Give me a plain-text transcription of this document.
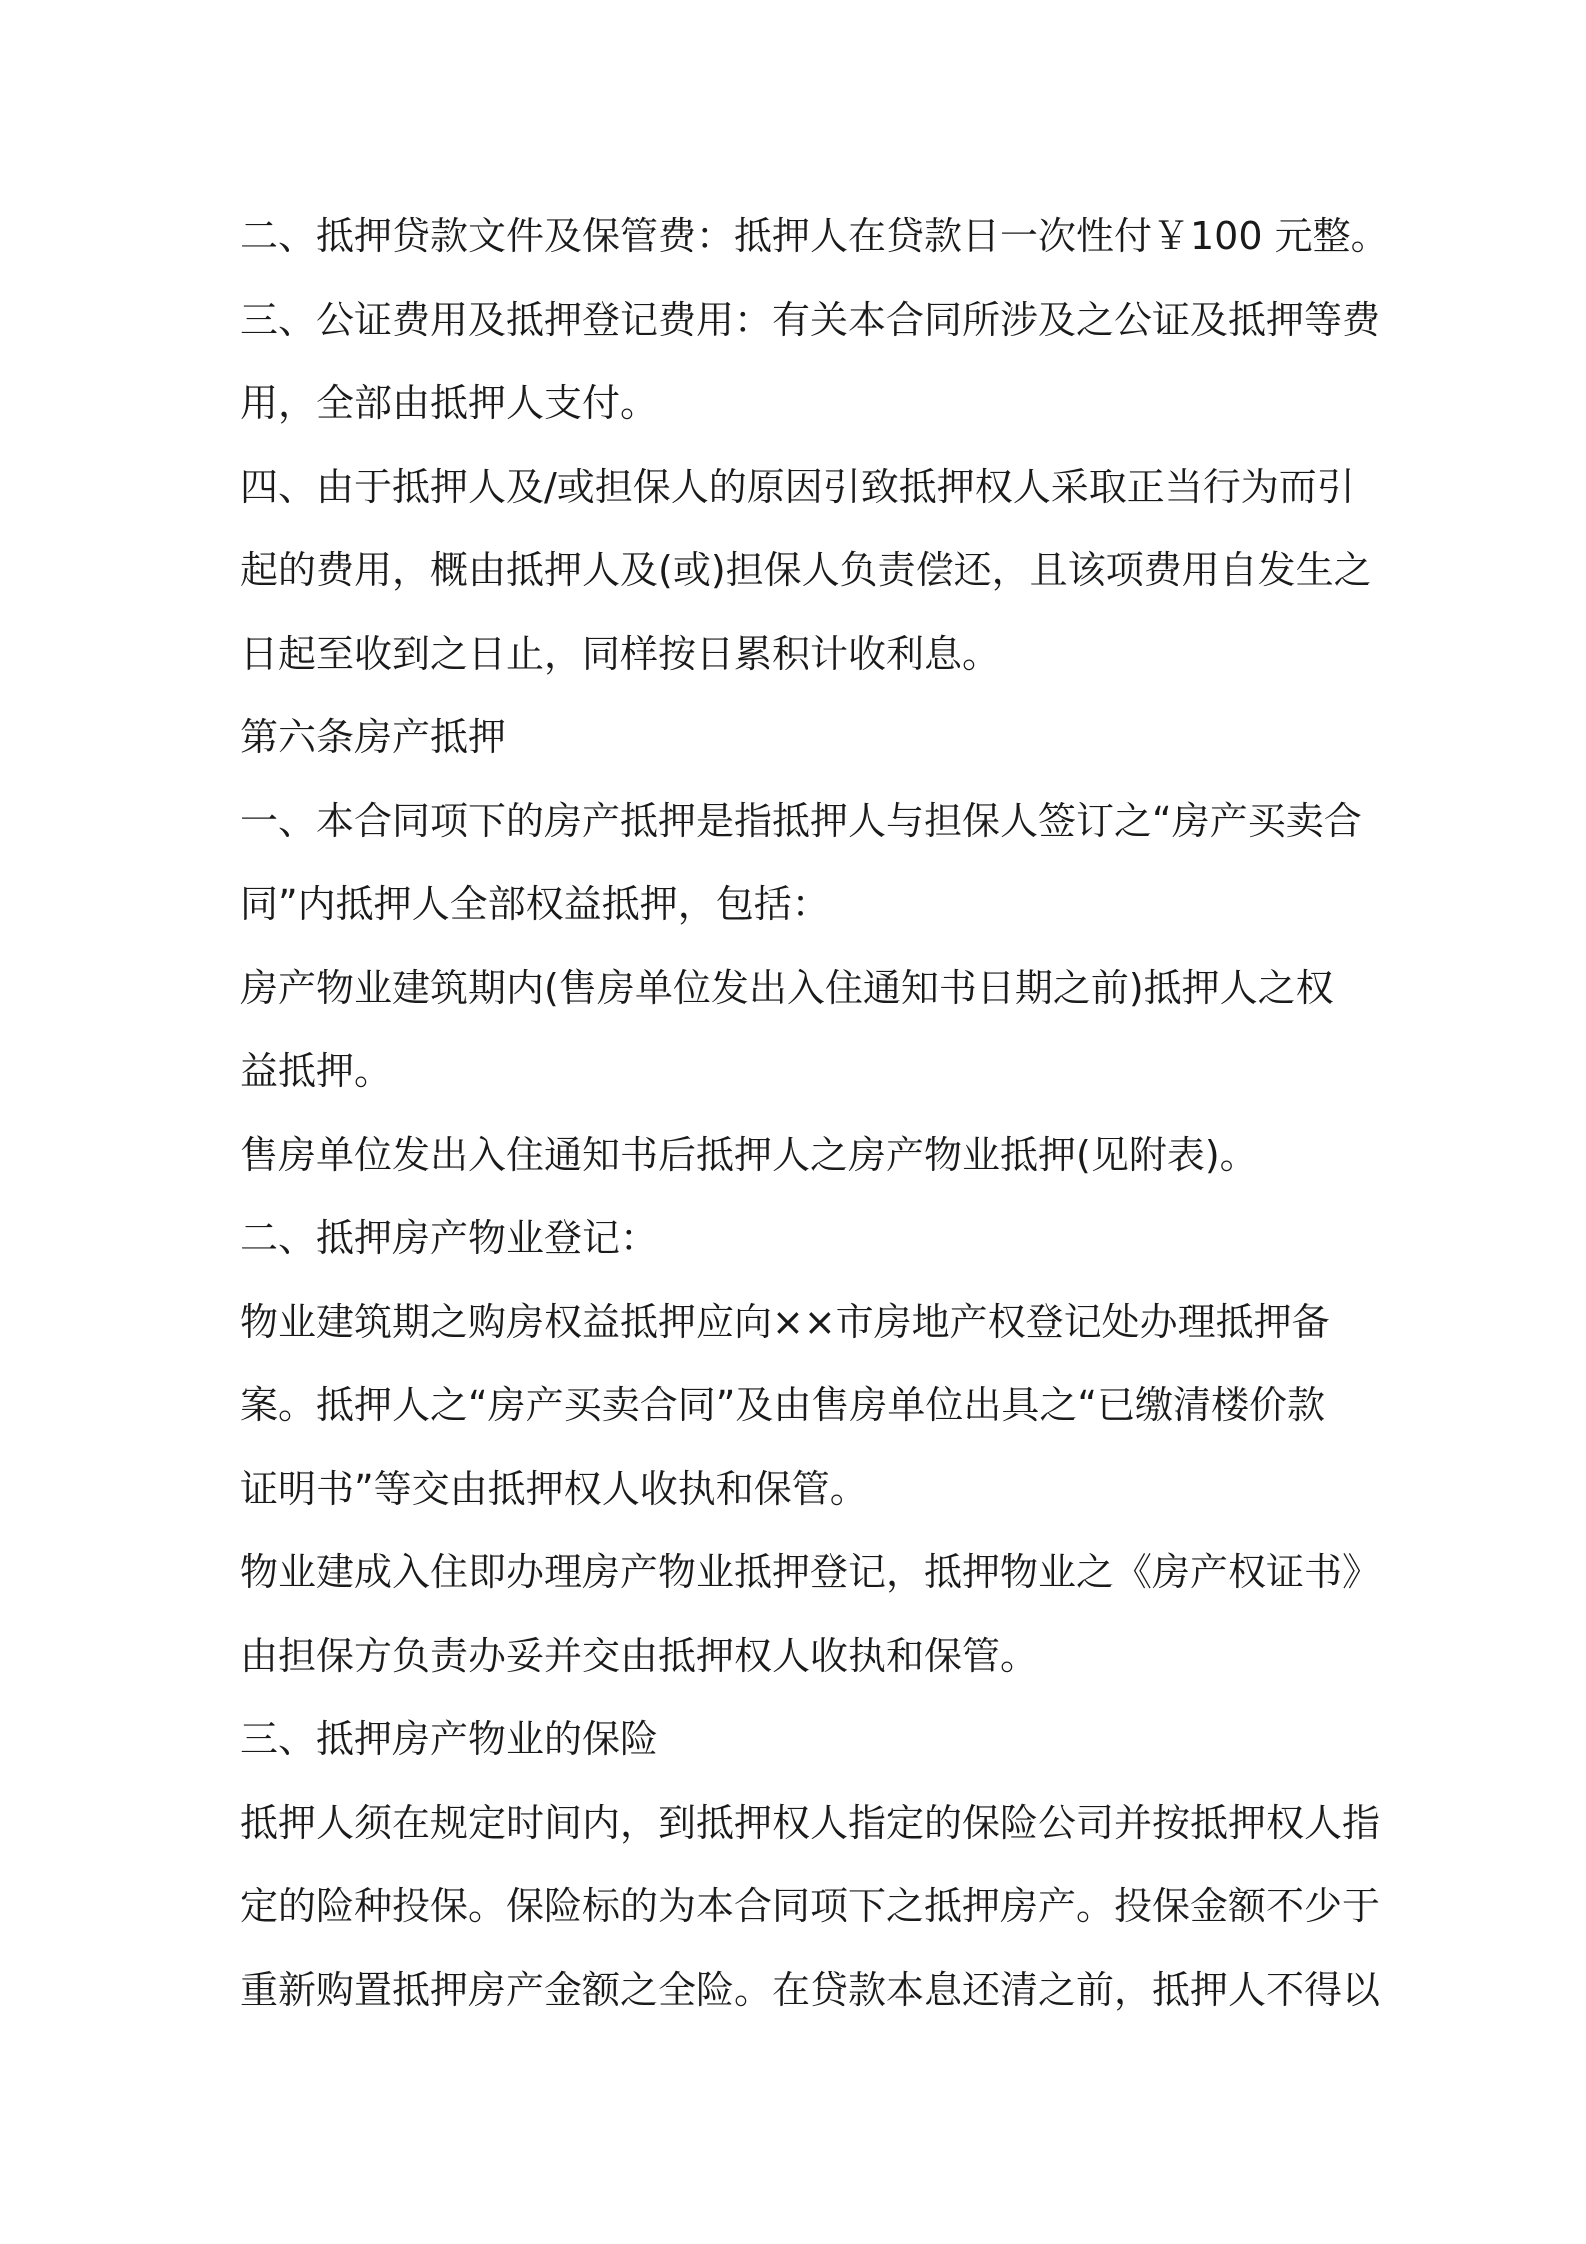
二、抵押贷款文件及保管费：抵押人在贷款日一次性付￥100 元整。
三、公证费用及抵押登记费用：有关本合同所涉及之公证及抵押等费
用，全部由抵押人支付。
四、由于抵押人及/或担保人的原因引致抵押权人采取正当行为而引
起的费用，概由抵押人及(或)担保人负责偿还，且该项费用自发生之
日起至收到之日止，同样按日累积计收利息。
第六条房产抵押
一、本合同项下的房产抵押是指抵押人与担保人签订之“房产买卖合
同”内抵押人全部权益抵押，包括：
房产物业建筑期内(售房单位发出入住通知书日期之前)抵押人之权
益抵押。
售房单位发出入住通知书后抵押人之房产物业抵押(见附表)。
二、抵押房产物业登记：
物业建筑期之购房权益抵押应向××市房地产权登记处办理抵押备
案。抵押人之“房产买卖合同”及由售房单位出具之“已缴清楼价款
证明书”等交由抵押权人收执和保管。
物业建成入住即办理房产物业抵押登记，抵押物业之《房产权证书》
由担保方负责办妥并交由抵押权人收执和保管。
三、抵押房产物业的保险
抵押人须在规定时间内，到抵押权人指定的保险公司并按抵押权人指
定的险种投保。保险标的为本合同项下之抵押房产。投保金额不少于
重新购置抵押房产金额之全险。在贷款本息还清之前，抵押人不得以
